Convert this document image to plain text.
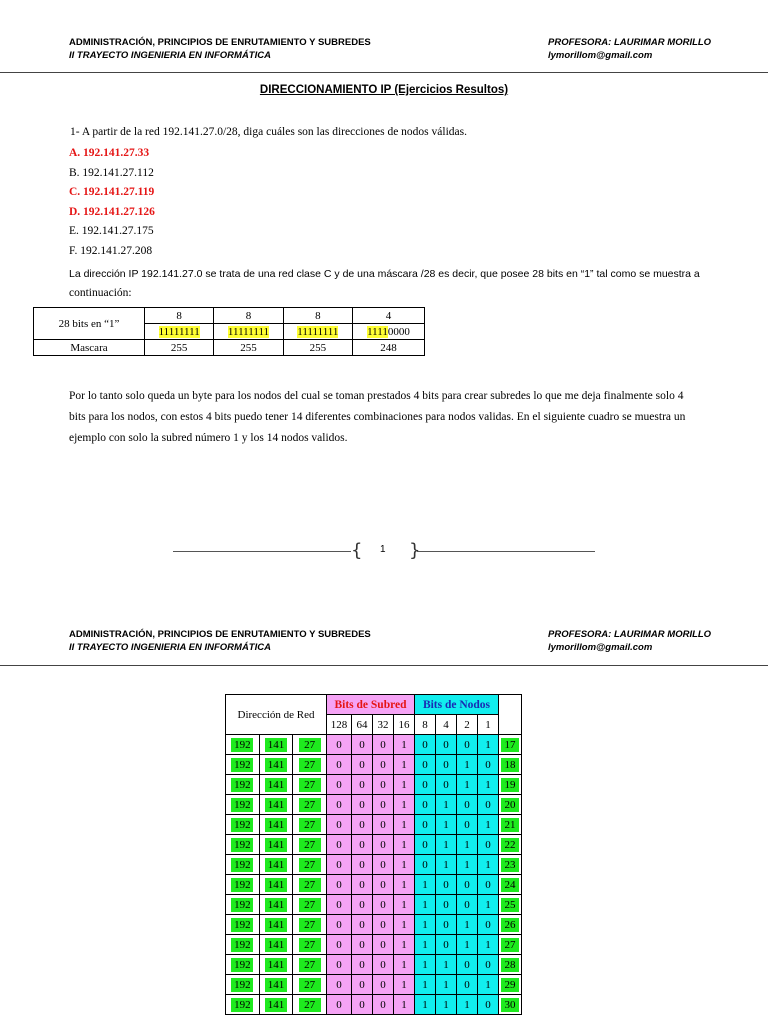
ADMINISTRACIÓN, PRINCIPIOS DE ENRUTAMIENTO Y SUBREDES
II TRAYECTO INGENIERIA EN INFORMÁTICA
PROFESORA: LAURIMAR MORILLO
lymorillom@gmail.com
DIRECCIONAMIENTO IP (Ejercicios Resultos)
1- A partir de la red 192.141.27.0/28, diga cuáles son las direcciones de nodos válidas.
A. 192.141.27.33
B. 192.141.27.112
C. 192.141.27.119
D. 192.141.27.126
E. 192.141.27.175
F. 192.141.27.208
La dirección IP 192.141.27.0 se trata de una red clase C y de una máscara /28 es decir, que posee 28 bits en “1” tal como se muestra a
continuación:
28 bits en “1”	8	8	8	4
	11111111	11111111	11111111	11110000
Mascara	255	255	255	248
Por lo tanto solo queda un byte para los nodos del cual se toman prestados 4 bits para crear subredes lo que me deja finalmente solo 4 bits para los nodos, con estos 4 bits puedo tener 14 diferentes combinaciones para nodos validas. En el siguiente cuadro se muestra un ejemplo con solo la subred número 1 y los 14 nodos validos.
{ 1 }
ADMINISTRACIÓN, PRINCIPIOS DE ENRUTAMIENTO Y SUBREDES
II TRAYECTO INGENIERIA EN INFORMÁTICA
PROFESORA: LAURIMAR MORILLO
lymorillom@gmail.com
Dirección de Red			Bits de Subred				Bits de Nodos				
			128	64	32	16	8	4	2	1	
192	141	27	0	0	0	1	0	0	0	1	17
192	141	27	0	0	0	1	0	0	1	0	18
192	141	27	0	0	0	1	0	0	1	1	19
192	141	27	0	0	0	1	0	1	0	0	20
192	141	27	0	0	0	1	0	1	0	1	21
192	141	27	0	0	0	1	0	1	1	0	22
192	141	27	0	0	0	1	0	1	1	1	23
192	141	27	0	0	0	1	1	0	0	0	24
192	141	27	0	0	0	1	1	0	0	1	25
192	141	27	0	0	0	1	1	0	1	0	26
192	141	27	0	0	0	1	1	0	1	1	27
192	141	27	0	0	0	1	1	1	0	0	28
192	141	27	0	0	0	1	1	1	0	1	29
192	141	27	0	0	0	1	1	1	1	0	30
